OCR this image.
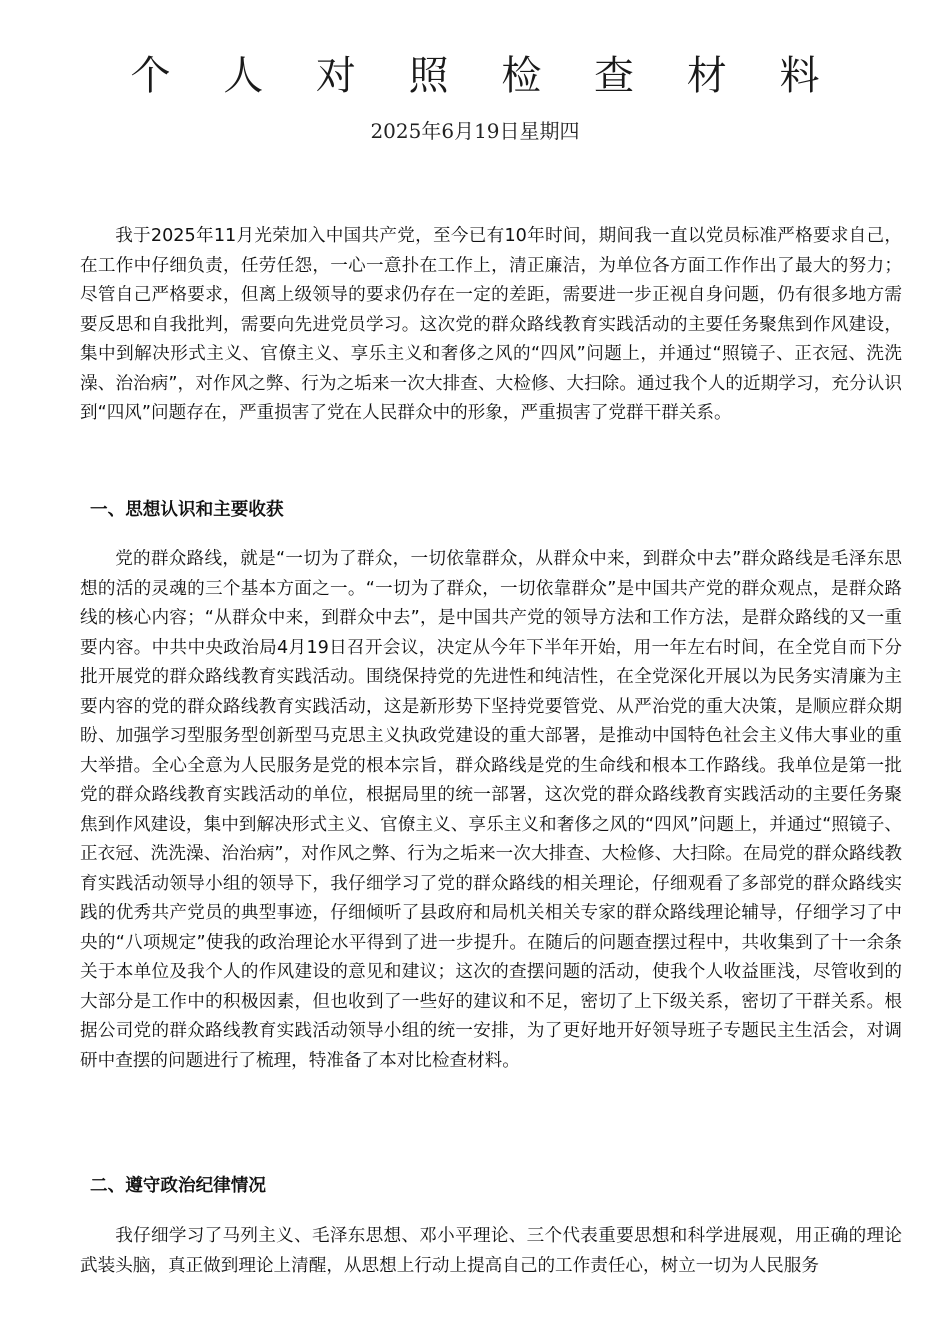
个 人 对 照 检 查 材 料
2025年6月19日星期四

我于2025年11月光荣加入中国共产党，至今已有10年时间，期间我一直以党员标准严格要求自己，在工作中仔细负责，任劳任怨，一心一意扑在工作上，清正廉洁，为单位各方面工作作出了最大的努力；尽管自己严格要求，但离上级领导的要求仍存在一定的差距，需要进一步正视自身问题，仍有很多地方需要反思和自我批判，需要向先进党员学习。这次党的群众路线教育实践活动的主要任务聚焦到作风建设，集中到解决形式主义、官僚主义、享乐主义和奢侈之风的“四风”问题上，并通过“照镜子、正衣冠、洗洗澡、治治病”，对作风之弊、行为之垢来一次大排查、大检修、大扫除。通过我个人的近期学习，充分认识到“四风”问题存在，严重损害了党在人民群众中的形象，严重损害了党群干群关系。

一、思想认识和主要收获

党的群众路线，就是“一切为了群众，一切依靠群众，从群众中来，到群众中去”群众路线是毛泽东思想的活的灵魂的三个基本方面之一。“一切为了群众，一切依靠群众”是中国共产党的群众观点，是群众路线的核心内容；“从群众中来，到群众中去”，是中国共产党的领导方法和工作方法，是群众路线的又一重要内容。中共中央政治局4月19日召开会议，决定从今年下半年开始，用一年左右时间，在全党自而下分批开展党的群众路线教育实践活动。围绕保持党的先进性和纯洁性，在全党深化开展以为民务实清廉为主要内容的党的群众路线教育实践活动，这是新形势下坚持党要管党、从严治党的重大决策，是顺应群众期盼、加强学习型服务型创新型马克思主义执政党建设的重大部署，是推动中国特色社会主义伟大事业的重大举措。全心全意为人民服务是党的根本宗旨，群众路线是党的生命线和根本工作路线。我单位是第一批党的群众路线教育实践活动的单位，根据局里的统一部署，这次党的群众路线教育实践活动的主要任务聚焦到作风建设，集中到解决形式主义、官僚主义、享乐主义和奢侈之风的“四风”问题上，并通过“照镜子、正衣冠、洗洗澡、治治病”，对作风之弊、行为之垢来一次大排查、大检修、大扫除。在局党的群众路线教育实践活动领导小组的领导下，我仔细学习了党的群众路线的相关理论，仔细观看了多部党的群众路线实践的优秀共产党员的典型事迹，仔细倾听了县政府和局机关相关专家的群众路线理论辅导，仔细学习了中央的“八项规定”使我的政治理论水平得到了进一步提升。在随后的问题查摆过程中，共收集到了十一余条关于本单位及我个人的作风建设的意见和建议；这次的查摆问题的活动，使我个人收益匪浅，尽管收到的大部分是工作中的积极因素，但也收到了一些好的建议和不足，密切了上下级关系，密切了干群关系。根据公司党的群众路线教育实践活动领导小组的统一安排，为了更好地开好领导班子专题民主生活会，对调研中查摆的问题进行了梳理，特准备了本对比检查材料。

二、遵守政治纪律情况

我仔细学习了马列主义、毛泽东思想、邓小平理论、三个代表重要思想和科学进展观，用正确的理论武装头脑，真正做到理论上清醒，从思想上行动上提高自己的工作责任心，树立一切为人民服务
